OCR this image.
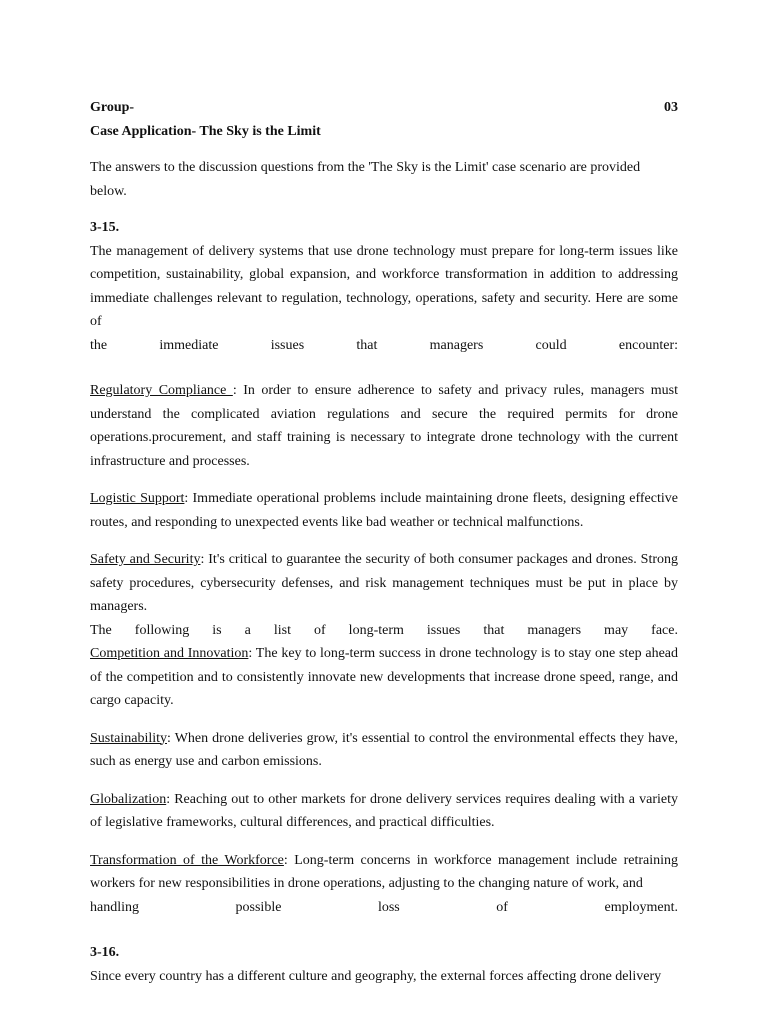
Group-	03

Case Application- The Sky is the Limit

The answers to the discussion questions from the 'The Sky is the Limit' case scenario are provided below.

3-15.

The management of delivery systems that use drone technology must prepare for long-term issues like competition, sustainability, global expansion, and workforce transformation in addition to addressing immediate challenges relevant to regulation, technology, operations, safety and security. Here are some of

the immediate issues that managers could encounter:

Regulatory Compliance : In order to ensure adherence to safety and privacy rules, managers must understand the complicated aviation regulations and secure the required permits for drone operations.procurement, and staff training is necessary to integrate drone technology with the current infrastructure and processes.

Logistic Support: Immediate operational problems include maintaining drone fleets, designing effective routes, and responding to unexpected events like bad weather or technical malfunctions.

Safety and Security: It's critical to guarantee the security of both consumer packages and drones. Strong safety procedures, cybersecurity defenses, and risk management techniques must be put in place by managers.

The following is a list of long-term issues that managers may face.

Competition and Innovation: The key to long-term success in drone technology is to stay one step ahead of the competition and to consistently innovate new developments that increase drone speed, range, and cargo capacity.

Sustainability: When drone deliveries grow, it's essential to control the environmental effects they have, such as energy use and carbon emissions.

Globalization: Reaching out to other markets for drone delivery services requires dealing with a variety of legislative frameworks, cultural differences, and practical difficulties.

Transformation of the Workforce: Long-term concerns in workforce management include retraining workers for new responsibilities in drone operations, adjusting to the changing nature of work, and

handling possible loss of employment.

3-16.

Since every country has a different culture and geography, the external forces affecting drone delivery
